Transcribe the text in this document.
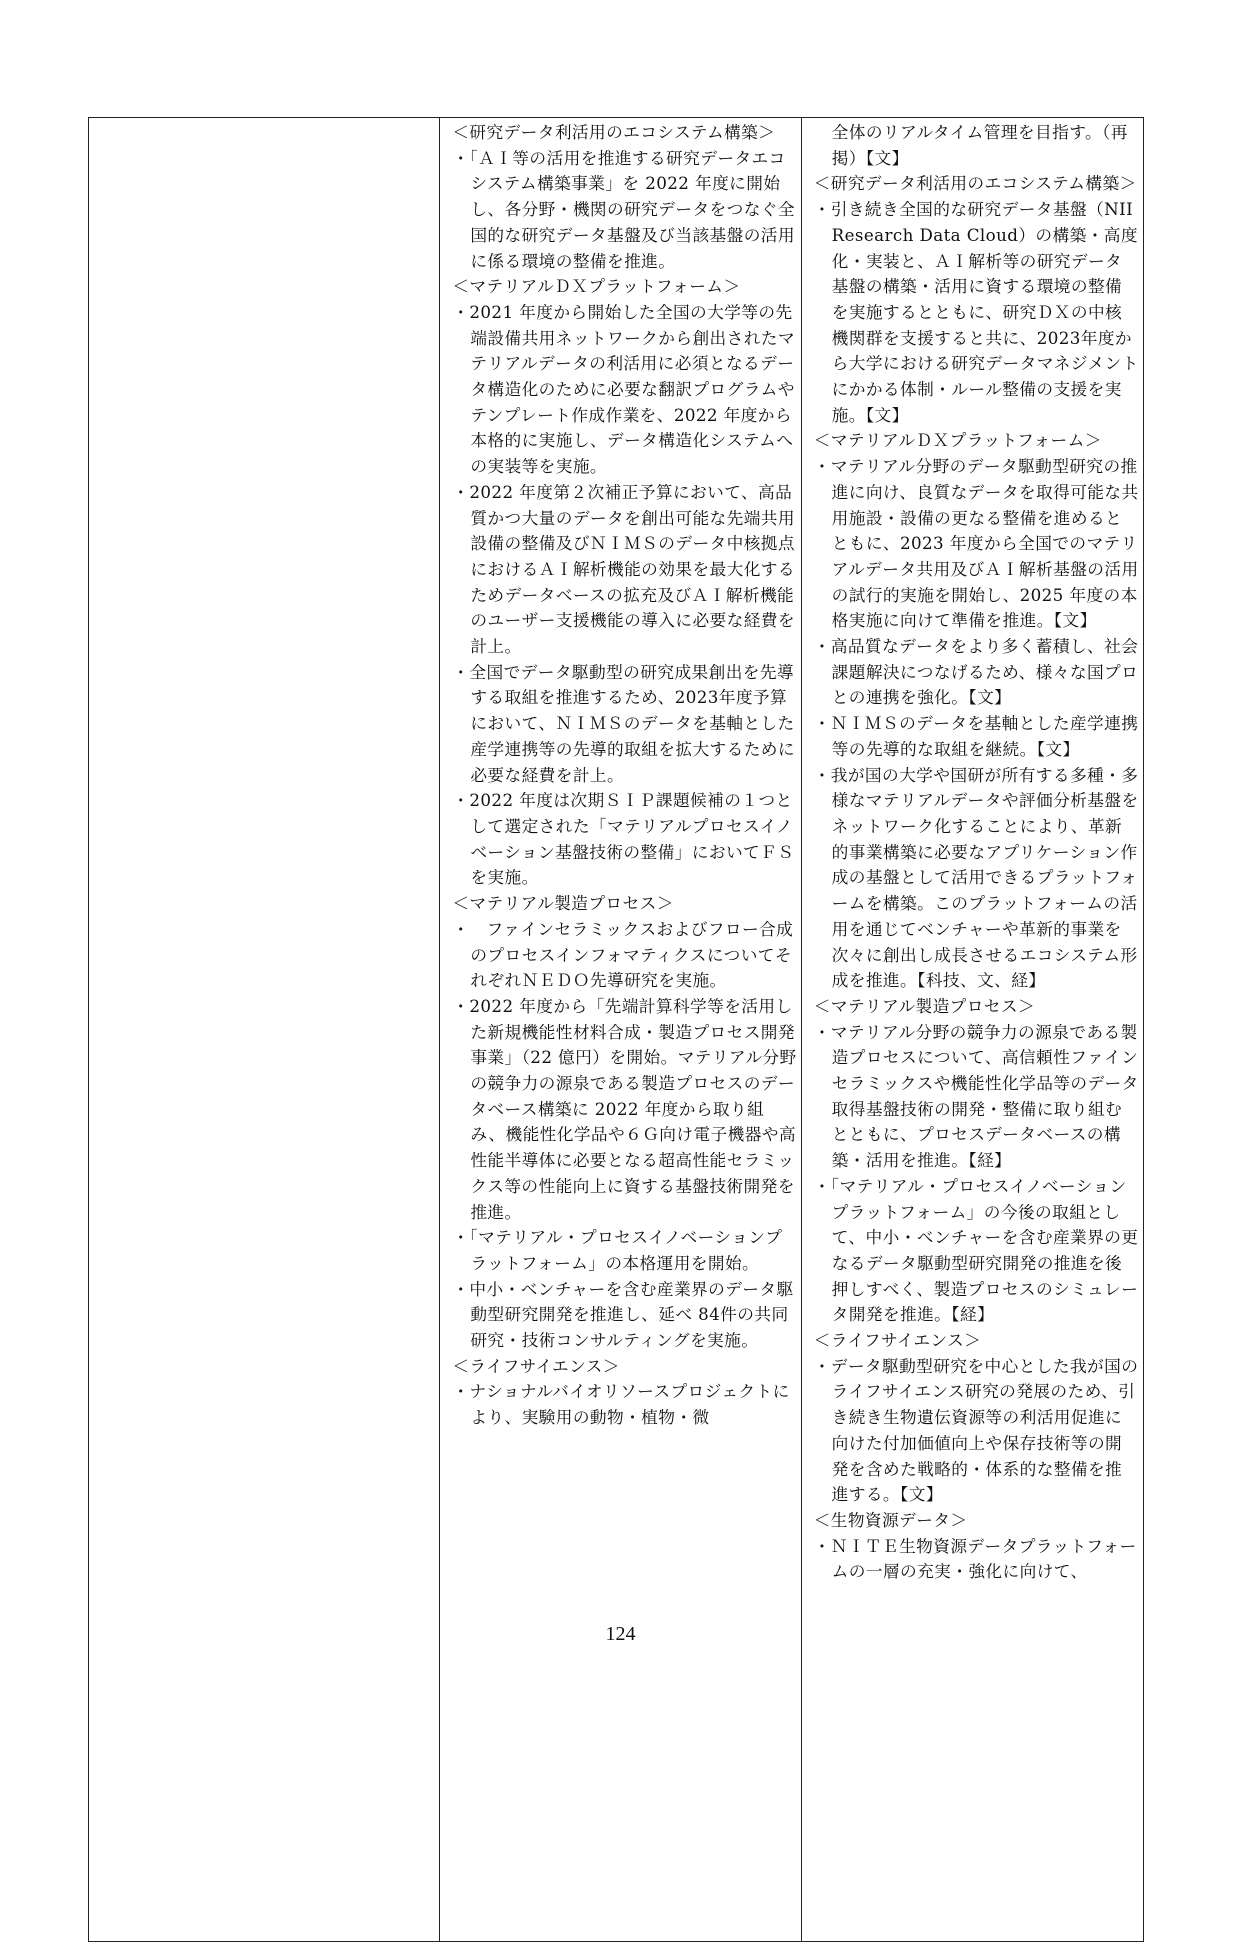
＜研究データ利活用のエコシステム構築＞
・「ＡＩ等の活用を推進する研究データエコシステム構築事業」を 2022 年度に開始し、各分野・機関の研究データをつなぐ全国的な研究データ基盤及び当該基盤の活用に係る環境の整備を推進。
＜マテリアルＤＸプラットフォーム＞
・2021 年度から開始した全国の大学等の先端設備共用ネットワークから創出されたマテリアルデータの利活用に必須となるデータ構造化のために必要な翻訳プログラムやテンプレート作成作業を、2022 年度から本格的に実施し、データ構造化システムへの実装等を実施。
・2022 年度第２次補正予算において、高品質かつ大量のデータを創出可能な先端共用設備の整備及びＮＩＭＳのデータ中核拠点におけるＡＩ解析機能の効果を最大化するためデータベースの拡充及びＡＩ解析機能のユーザー支援機能の導入に必要な経費を計上。
・全国でデータ駆動型の研究成果創出を先導する取組を推進するため、2023年度予算において、ＮＩＭＳのデータを基軸とした産学連携等の先導的取組を拡大するために必要な経費を計上。
・2022 年度は次期ＳＩＰ課題候補の１つとして選定された「マテリアルプロセスイノベーション基盤技術の整備」においてＦＳを実施。
＜マテリアル製造プロセス＞
・　ファインセラミックスおよびフロー合成のプロセスインフォマティクスについてそれぞれＮＥＤＯ先導研究を実施。
・2022 年度から「先端計算科学等を活用した新規機能性材料合成・製造プロセス開発事業」（22 億円）を開始。マテリアル分野の競争力の源泉である製造プロセスのデータベース構築に 2022 年度から取り組み、機能性化学品や６Ｇ向け電子機器や高性能半導体に必要となる超高性能セラミックス等の性能向上に資する基盤技術開発を推進。
・「マテリアル・プロセスイノベーションプラットフォーム」の本格運用を開始。
・中小・ベンチャーを含む産業界のデータ駆動型研究開発を推進し、延べ 84件の共同研究・技術コンサルティングを実施。
＜ライフサイエンス＞
・ナショナルバイオリソースプロジェクトにより、実験用の動物・植物・微
全体のリアルタイム管理を目指す。（再掲）【文】
＜研究データ利活用のエコシステム構築＞
・引き続き全国的な研究データ基盤（NII Research Data Cloud）の構築・高度化・実装と、ＡＩ解析等の研究データ基盤の構築・活用に資する環境の整備を実施するとともに、研究ＤＸの中核機関群を支援すると共に、2023年度から大学における研究データマネジメントにかかる体制・ルール整備の支援を実施。【文】
＜マテリアルＤＸプラットフォーム＞
・マテリアル分野のデータ駆動型研究の推進に向け、良質なデータを取得可能な共用施設・設備の更なる整備を進めるとともに、2023 年度から全国でのマテリアルデータ共用及びＡＩ解析基盤の活用の試行的実施を開始し、2025 年度の本格実施に向けて準備を推進。【文】
・高品質なデータをより多く蓄積し、社会課題解決につなげるため、様々な国プロとの連携を強化。【文】
・ＮＩＭＳのデータを基軸とした産学連携等の先導的な取組を継続。【文】
・我が国の大学や国研が所有する多種・多様なマテリアルデータや評価分析基盤をネットワーク化することにより、革新的事業構築に必要なアプリケーション作成の基盤として活用できるプラットフォームを構築。このプラットフォームの活用を通じてベンチャーや革新的事業を次々に創出し成長させるエコシステム形成を推進。【科技、文、経】
＜マテリアル製造プロセス＞
・マテリアル分野の競争力の源泉である製造プロセスについて、高信頼性ファインセラミックスや機能性化学品等のデータ取得基盤技術の開発・整備に取り組むとともに、プロセスデータベースの構築・活用を推進。【経】
・「マテリアル・プロセスイノベーションプラットフォーム」の今後の取組として、中小・ベンチャーを含む産業界の更なるデータ駆動型研究開発の推進を後押しすべく、製造プロセスのシミュレータ開発を推進。【経】
＜ライフサイエンス＞
・データ駆動型研究を中心とした我が国のライフサイエンス研究の発展のため、引き続き生物遺伝資源等の利活用促進に向けた付加価値向上や保存技術等の開発を含めた戦略的・体系的な整備を推進する。【文】
＜生物資源データ＞
・ＮＩＴＥ生物資源データプラットフォームの一層の充実・強化に向けて、
124
